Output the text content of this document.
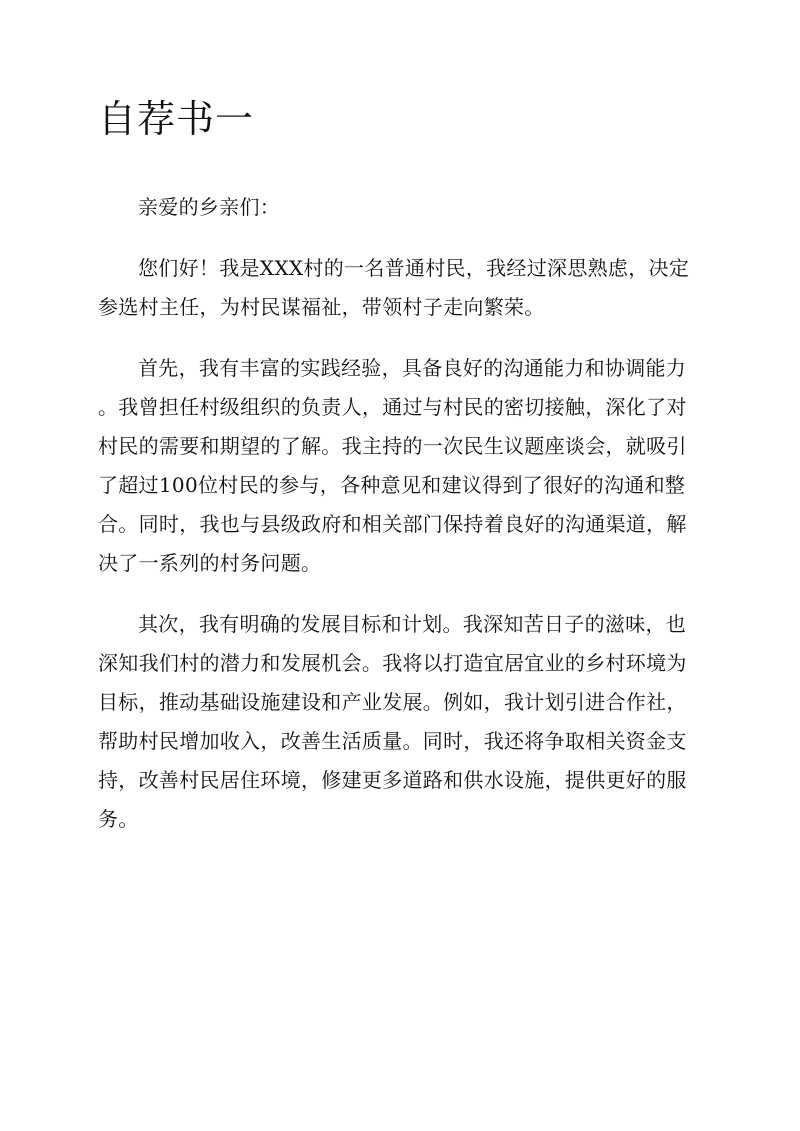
自荐书一

亲爱的乡亲们：

您们好！我是XXX村的一名普通村民，我经过深思熟虑，决定
参选村主任，为村民谋福祉，带领村子走向繁荣。

首先，我有丰富的实践经验，具备良好的沟通能力和协调能力
。我曾担任村级组织的负责人，通过与村民的密切接触，深化了对
村民的需要和期望的了解。我主持的一次民生议题座谈会，就吸引
了超过100位村民的参与，各种意见和建议得到了很好的沟通和整
合。同时，我也与县级政府和相关部门保持着良好的沟通渠道，解
决了一系列的村务问题。

其次，我有明确的发展目标和计划。我深知苦日子的滋味，也
深知我们村的潜力和发展机会。我将以打造宜居宜业的乡村环境为
目标，推动基础设施建设和产业发展。例如，我计划引进合作社，
帮助村民增加收入，改善生活质量。同时，我还将争取相关资金支
持，改善村民居住环境，修建更多道路和供水设施，提供更好的服
务。
